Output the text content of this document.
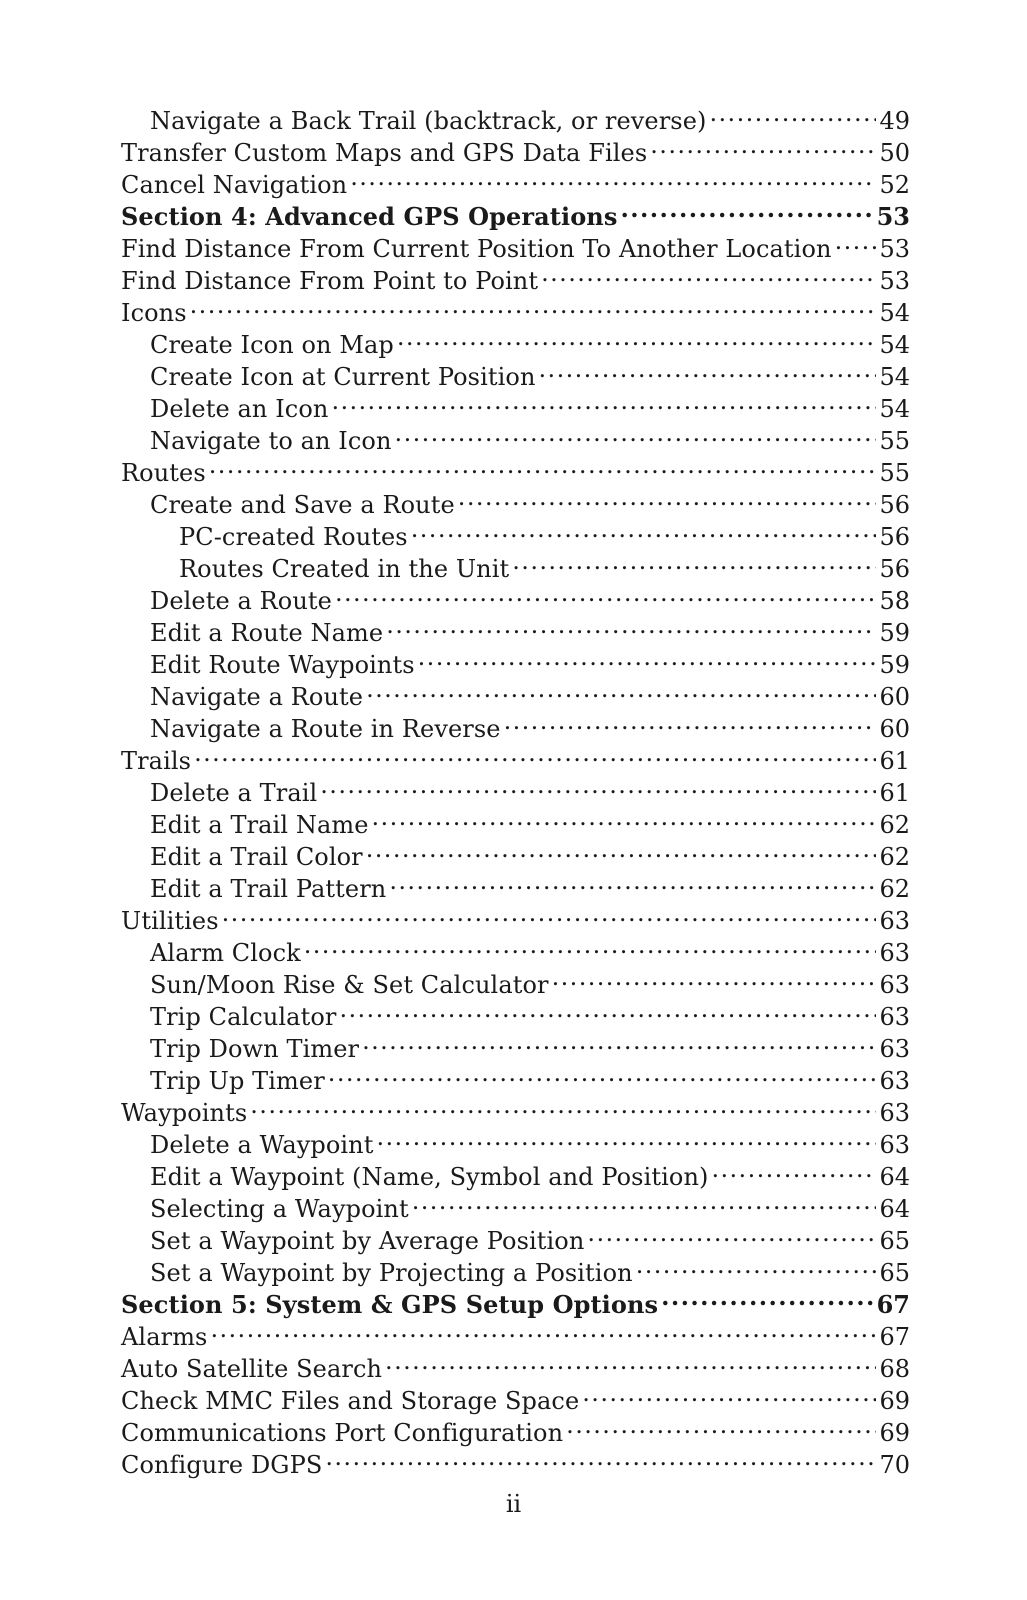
Navigate a Back Trail (backtrack, or reverse) .....	49
Transfer Custom Maps and GPS Data Files .....	50
Cancel Navigation .....	52
Section 4: Advanced GPS Operations .....	53
Find Distance From Current Position To Another Location ..... 53
Find Distance From Point to Point .....	53
Icons .....	54
Create Icon on Map .....	54
Create Icon at Current Position .....	54
Delete an Icon .....	54
Navigate to an Icon .....	55
Routes .....	55
Create and Save a Route .....	56
PC-created Routes .....	56
Routes Created in the Unit .....	56
Delete a Route .....	58
Edit a Route Name .....	59
Edit Route Waypoints .....	59
Navigate a Route .....	60
Navigate a Route in Reverse .....	60
Trails .....	61
Delete a Trail .....	61
Edit a Trail Name .....	62
Edit a Trail Color .....	62
Edit a Trail Pattern .....	62
Utilities .....	63
Alarm Clock .....	63
Sun/Moon Rise & Set Calculator .....	63
Trip Calculator .....	63
Trip Down Timer .....	63
Trip Up Timer .....	63
Waypoints .....	63
Delete a Waypoint .....	63
Edit a Waypoint (Name, Symbol and Position) .....	64
Selecting a Waypoint .....	64
Set a Waypoint by Average Position .....	65
Set a Waypoint by Projecting a Position .....	65
Section 5: System & GPS Setup Options .....	67
Alarms .....	67
Auto Satellite Search .....	68
Check MMC Files and Storage Space .....	69
Communications Port Configuration .....	69
Configure DGPS .....	70
ii
